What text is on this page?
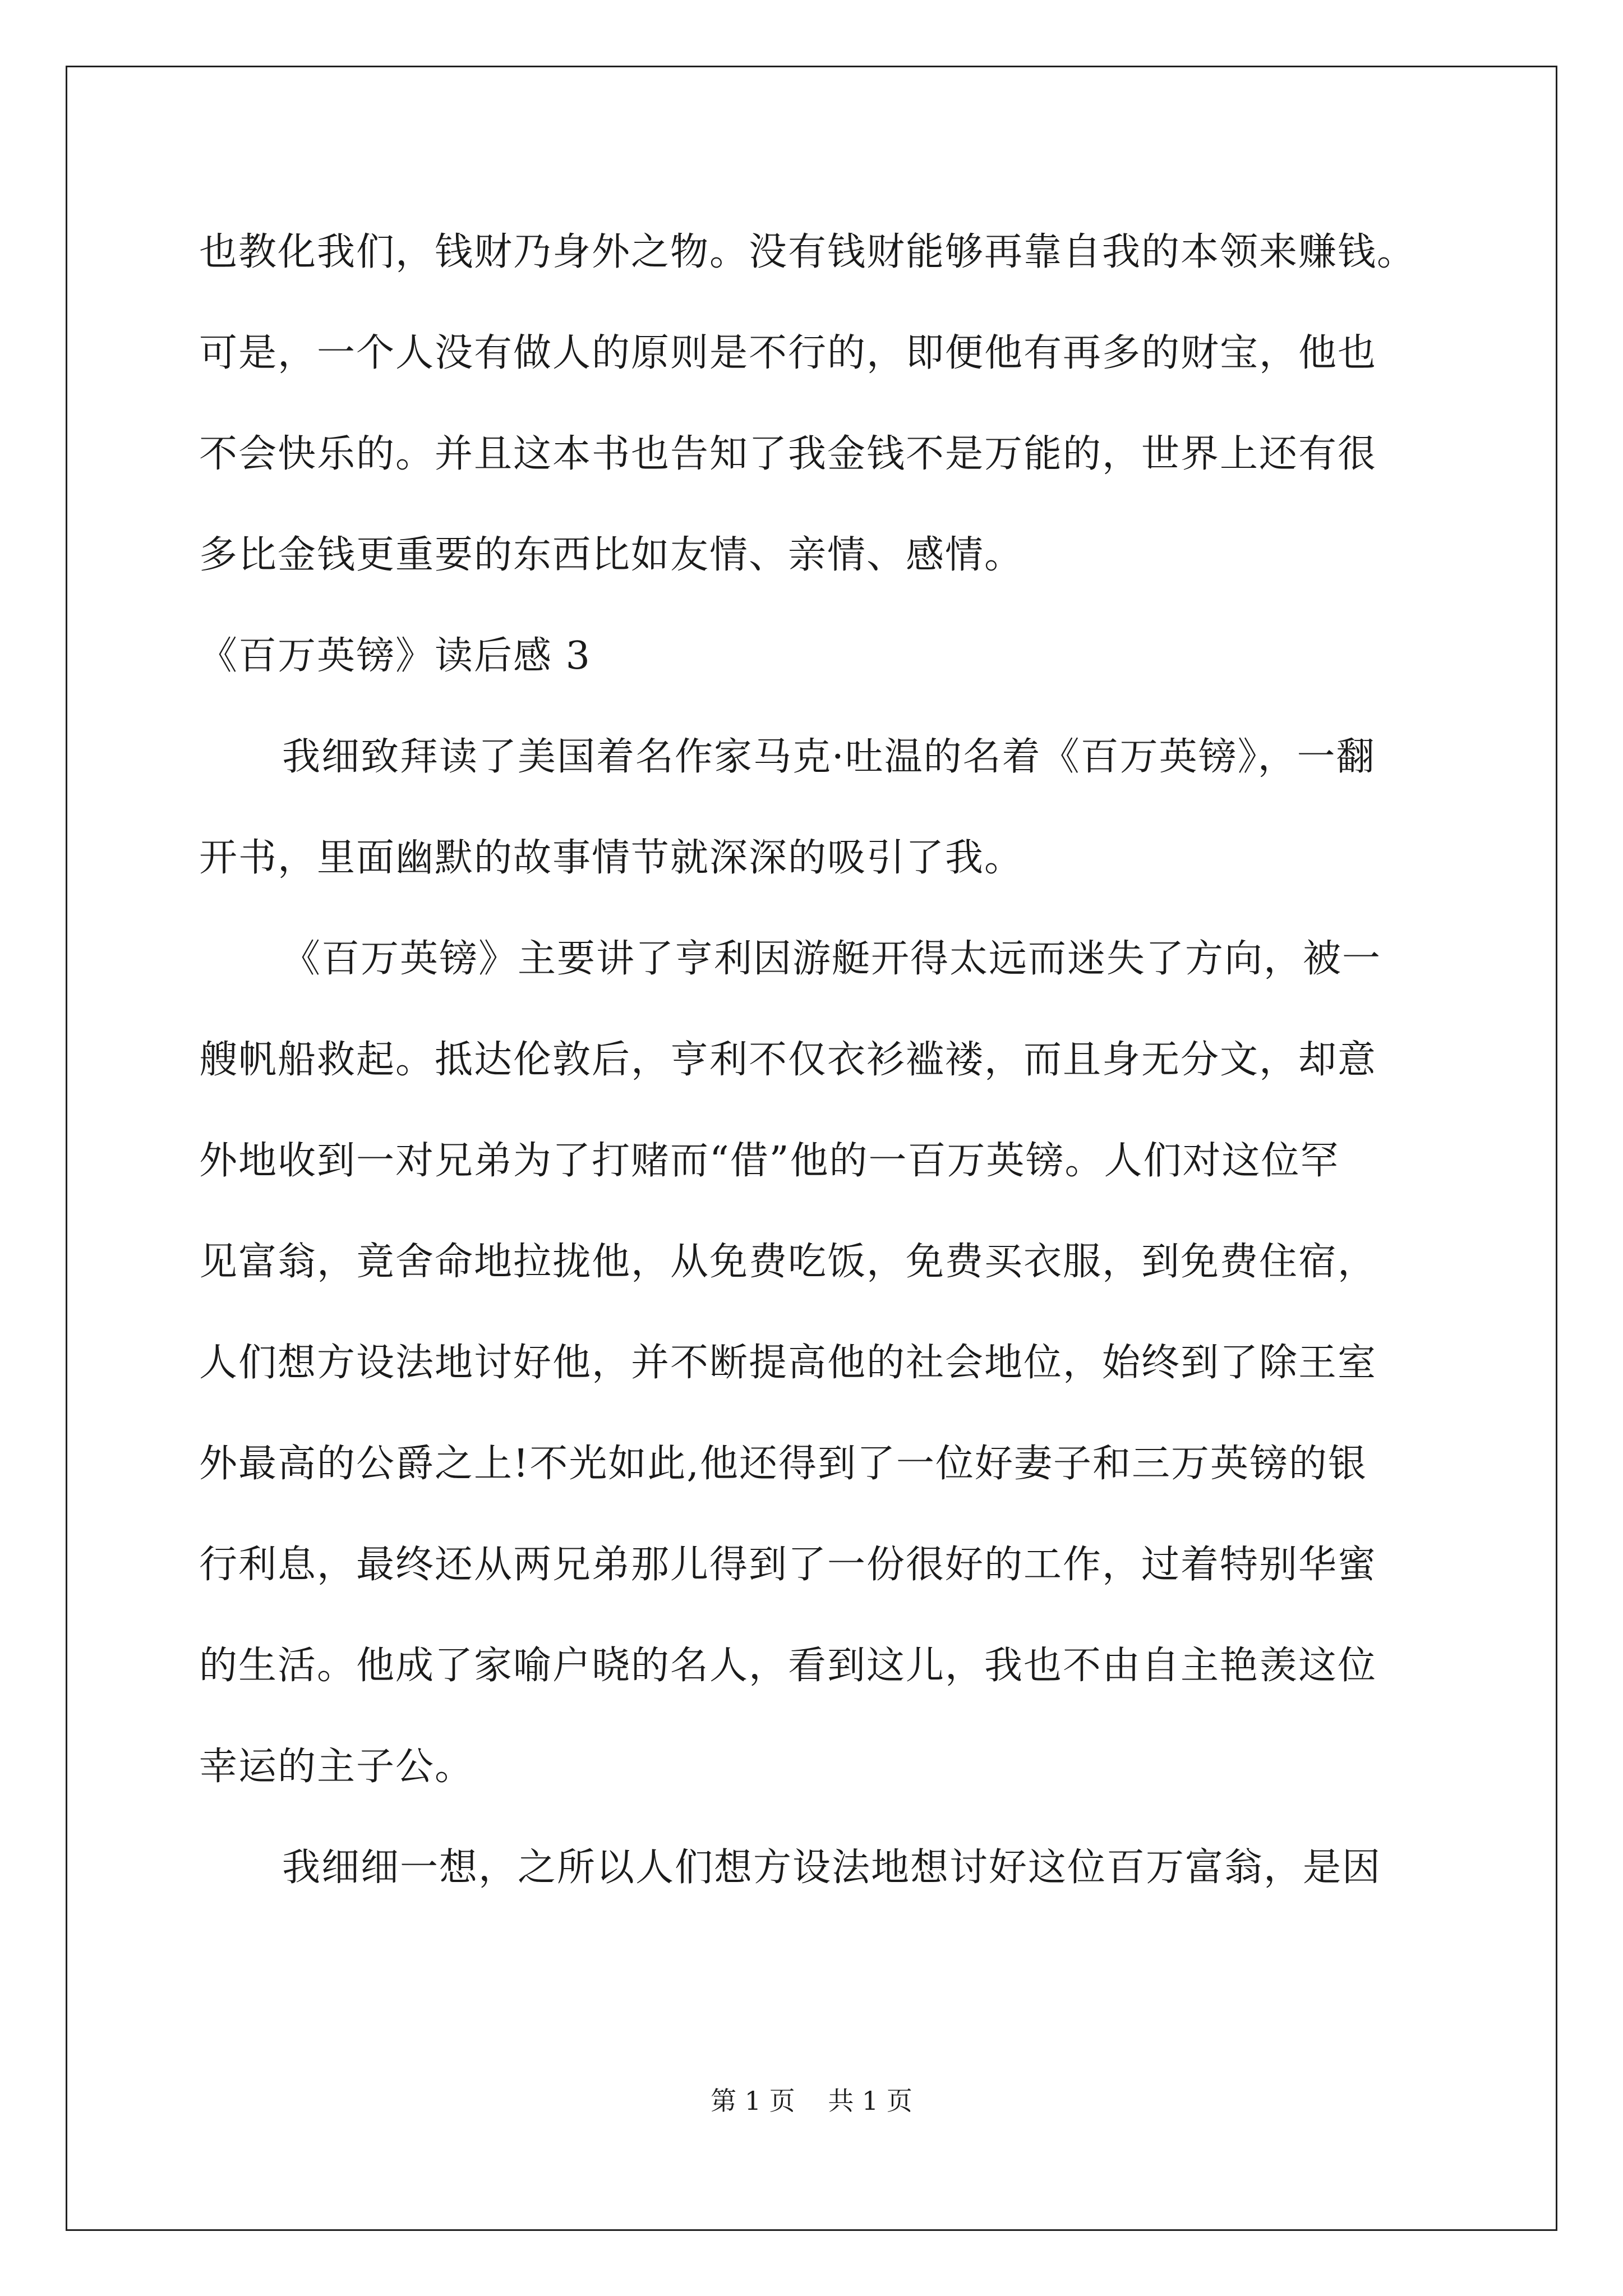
也教化我们，钱财乃身外之物。没有钱财能够再靠自我的本领来赚钱。
可是，一个人没有做人的原则是不行的，即便他有再多的财宝，他也
不会快乐的。并且这本书也告知了我金钱不是万能的，世界上还有很
多比金钱更重要的东西比如友情、亲情、感情。
《百万英镑》读后感 3
我细致拜读了美国着名作家马克·吐温的名着《百万英镑》，一翻
开书，里面幽默的故事情节就深深的吸引了我。
《百万英镑》主要讲了亨利因游艇开得太远而迷失了方向，被一
艘帆船救起。抵达伦敦后，亨利不仅衣衫褴褛，而且身无分文，却意
外地收到一对兄弟为了打赌而“借”他的一百万英镑。人们对这位罕
见富翁，竟舍命地拉拢他，从免费吃饭，免费买衣服，到免费住宿，
人们想方设法地讨好他，并不断提高他的社会地位，始终到了除王室
外最高的公爵之上!不光如此,他还得到了一位好妻子和三万英镑的银
行利息，最终还从两兄弟那儿得到了一份很好的工作，过着特别华蜜
的生活。他成了家喻户晓的名人，看到这儿，我也不由自主艳羡这位
幸运的主子公。
我细细一想，之所以人们想方设法地想讨好这位百万富翁，是因
第 1 页 共 1 页
